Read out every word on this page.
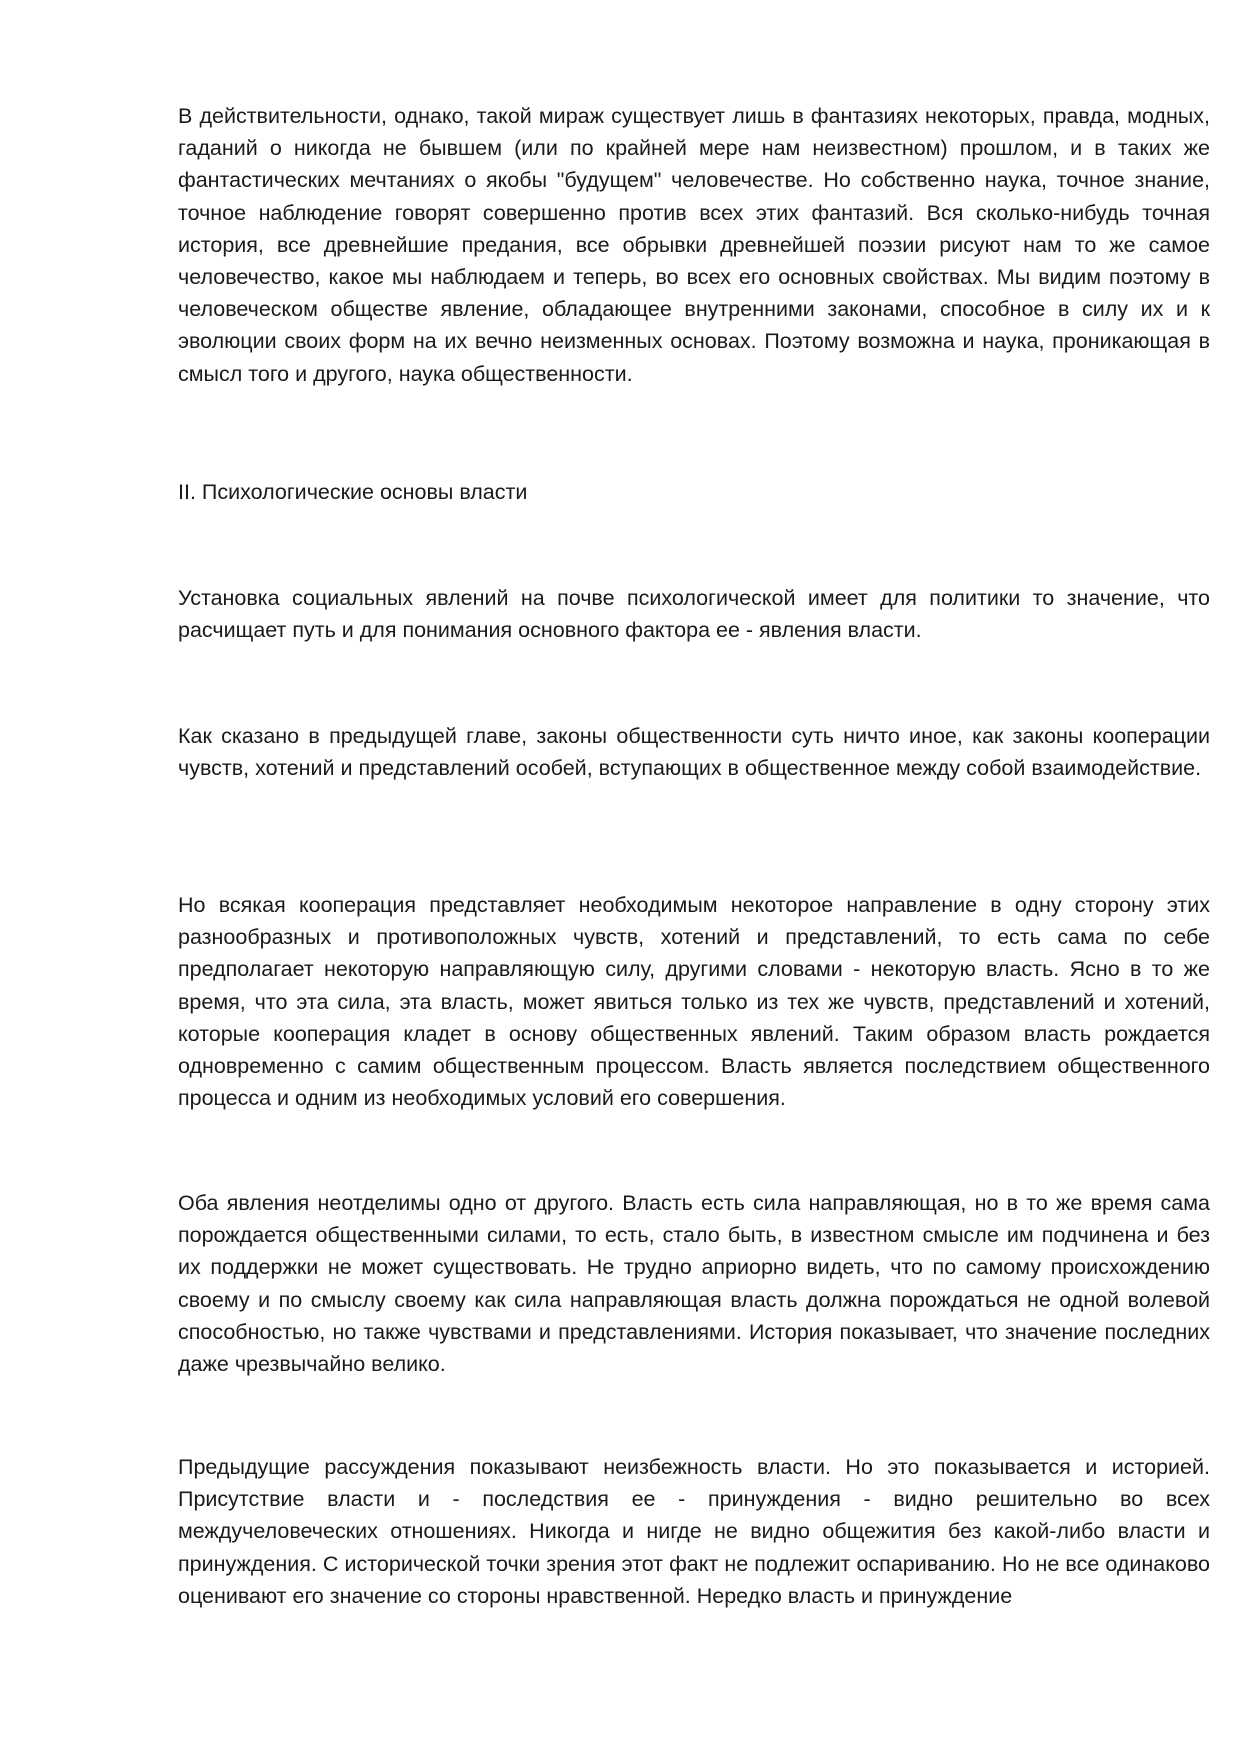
В действительности, однако, такой мираж существует лишь в фантазиях некоторых, правда, модных, гаданий о никогда не бывшем (или по крайней мере нам неизвестном) прошлом, и в таких же фантастических мечтаниях о якобы "будущем" человечестве. Но собственно наука, точное знание, точное наблюдение говорят совершенно против всех этих фантазий. Вся сколько-нибудь точная история, все древнейшие предания, все обрывки древнейшей поэзии рисуют нам то же самое человечество, какое мы наблюдаем и теперь, во всех его основных свойствах. Мы видим поэтому в человеческом обществе явление, обладающее внутренними законами, способное в силу их и к эволюции своих форм на их вечно неизменных основах. Поэтому возможна и наука, проникающая в смысл того и другого, наука общественности.

II. Психологические основы власти

Установка социальных явлений на почве психологической имеет для политики то значение, что расчищает путь и для понимания основного фактора ее - явления власти.

Как сказано в предыдущей главе, законы общественности суть ничто иное, как законы кооперации чувств, хотений и представлений особей, вступающих в общественное между собой взаимодействие.

Но всякая кооперация представляет необходимым некоторое направление в одну сторону этих разнообразных и противоположных чувств, хотений и представлений, то есть сама по себе предполагает некоторую направляющую силу, другими словами - некоторую власть. Ясно в то же время, что эта сила, эта власть, может явиться только из тех же чувств, представлений и хотений, которые кооперация кладет в основу общественных явлений. Таким образом власть рождается одновременно с самим общественным процессом. Власть является последствием общественного процесса и одним из необходимых условий его совершения.

Оба явления неотделимы одно от другого. Власть есть сила направляющая, но в то же время сама порождается общественными силами, то есть, стало быть, в известном смысле им подчинена и без их поддержки не может существовать. Не трудно априорно видеть, что по самому происхождению своему и по смыслу своему как сила направляющая власть должна порождаться не одной волевой способностью, но также чувствами и представлениями. История показывает, что значение последних даже чрезвычайно велико.

Предыдущие рассуждения показывают неизбежность власти. Но это показывается и историей. Присутствие власти и - последствия ее - принуждения - видно решительно во всех междучеловеческих отношениях. Никогда и нигде не видно общежития без какой-либо власти и принуждения. С исторической точки зрения этот факт не подлежит оспариванию. Но не все одинаково оценивают его значение со стороны нравственной. Нередко власть и принуждение
